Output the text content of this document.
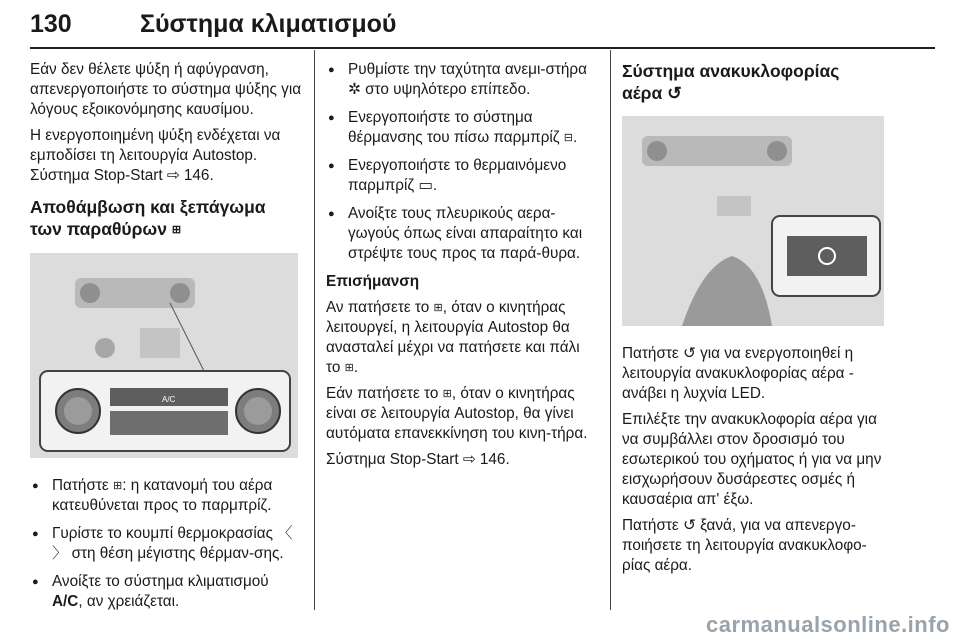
130	Σύστημα κλιματισμού

Εάν δεν θέλετε ψύξη ή αφύγρανση, απενεργοποιήστε το σύστημα ψύξης για λόγους εξοικονόμησης καυσίμου.

Η ενεργοποιημένη ψύξη ενδέχεται να εμποδίσει τη λειτουργία Autostop.
Σύστημα Stop-Start ⇨ 146.

Αποθάμβωση και ξεπάγωμα των παραθύρων ⊞
A/C
● Πατήστε ⊞: η κατανομή του αέρα κατευθύνεται προς το παρμπρίζ.
● Γυρίστε το κουμπί θερμοκρασίας 〈 〉 στη θέση μέγιστης θέρμαν-σης.
● Ανοίξτε το σύστημα κλιματισμού A/C, αν χρειάζεται.
● Ρυθμίστε την ταχύτητα ανεμι-στήρα ✲ στο υψηλότερο επίπεδο.
● Ενεργοποιήστε το σύστημα θέρμανσης του πίσω παρμπρίζ ⊟.
● Ενεργοποιήστε το θερμαινόμενο παρμπρίζ ▭.
● Ανοίξτε τους πλευρικούς αερα-γωγούς όπως είναι απαραίτητο και στρέψτε τους προς τα παρά-θυρα.

Επισήμανση

Αν πατήσετε το ⊞, όταν ο κινητήρας λειτουργεί, η λειτουργία Autostop θα ανασταλεί μέχρι να πατήσετε και πάλι το ⊞.

Εάν πατήσετε το ⊞, όταν ο κινητήρας είναι σε λειτουργία Autostop, θα γίνει αυτόματα επανεκκίνηση του κινη-τήρα.

Σύστημα Stop-Start ⇨ 146.

Σύστημα ανακυκλοφορίας
αέρα ↺

Πατήστε ↺ για να ενεργοποιηθεί η λειτουργία ανακυκλοφορίας αέρα - ανάβει η λυχνία LED.

Επιλέξτε την ανακυκλοφορία αέρα για να συμβάλλει στον δροσισμό του εσωτερικού του οχήματος ή για να μην εισχωρήσουν δυσάρεστες οσμές ή καυσαέρια απ' έξω.

Πατήστε ↺ ξανά, για να απενεργο-ποιήσετε τη λειτουργία ανακυκλοφο-ρίας αέρα.

carmanualsonline.info
